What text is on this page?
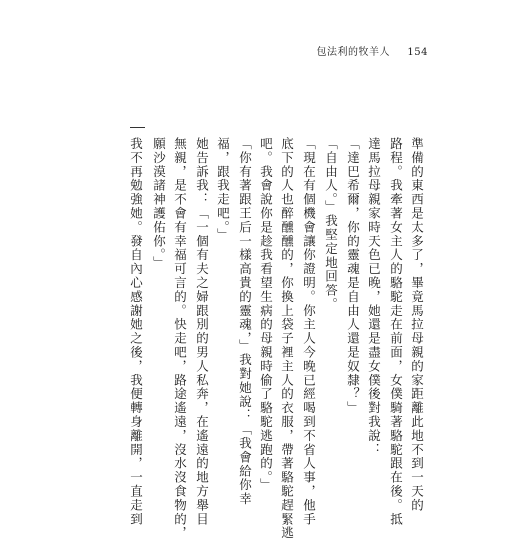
包法利的牧羊人 154
準備的東西是太多了，畢竟馬拉母親的家距離此地不到一天的
路程。我牽著女主人的駱駝走在前面，女僕騎著駱駝跟在後。抵
達馬拉母親家時天色已晚，她還是盡女僕後對我說：
「達巴希爾，你的靈魂是自由人還是奴隸？」
「自由人。」我堅定地回答。
「現在有個機會讓你證明。你主人今晚已經喝到不省人事，他手
底下的人也醉醺醺的，你換上袋子裡主人的衣服，帶著駱駝趕緊逃
吧。我會說你是趁我看望生病的母親時偷了駱駝逃跑的。」
「你有著跟王后一樣高貴的靈魂，」我對她說：「我會給你幸
福，跟我走吧。」
她告訴我：「一個有夫之婦跟別的男人私奔，在遙遠的地方舉目
無親，是不會有幸福可言的。快走吧，路途遙遠，沒水沒食物的，
願沙漠諸神護佑你。」
我不再勉強她。發自內心感謝她之後，我便轉身離開，一直走到
